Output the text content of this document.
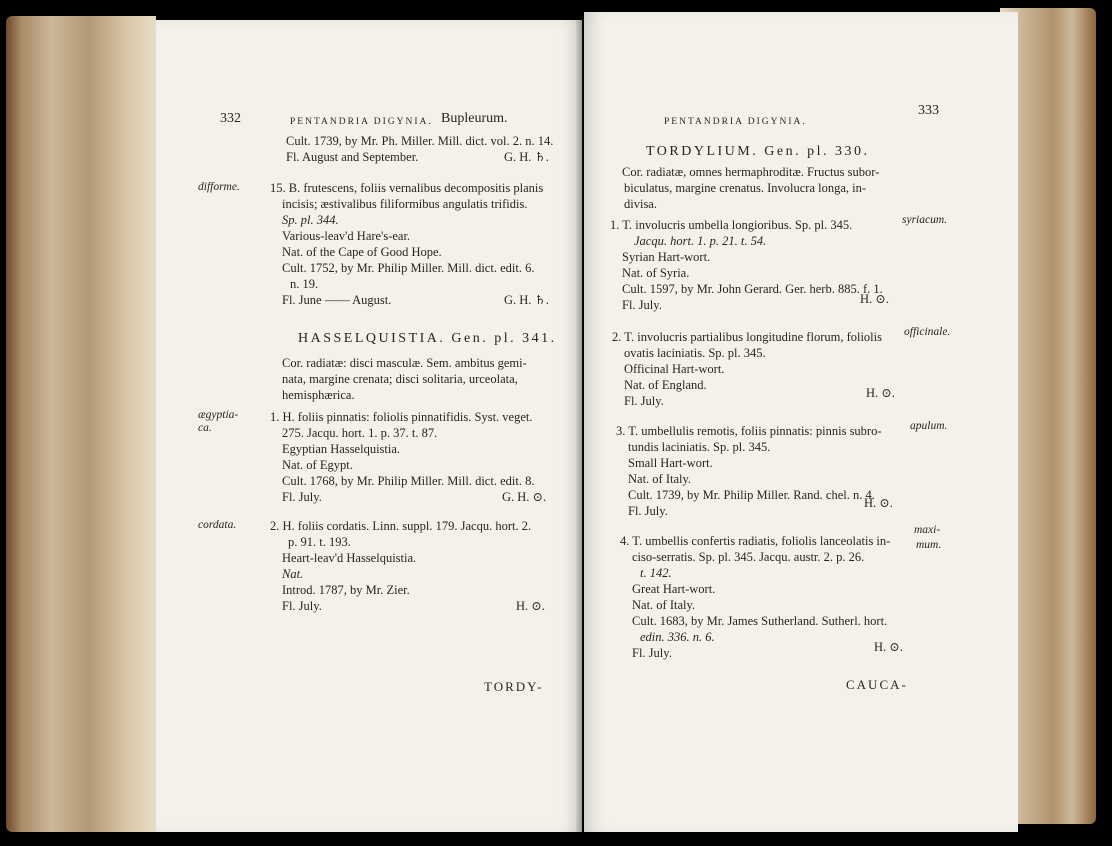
332	PENTANDRIA DIGYNIA. Bupleurum.
Cult. 1739, by Mr. Ph. Miller. Mill. dict. vol. 2. n. 14.
Fl. August and September.	G. H. ♄.
difforme. 15. B. frutescens, foliis vernalibus decompositis planis
incisis; æstivalibus filiformibus angulatis trifidis.
Sp. pl. 344.
Various-leav'd Hare's-ear.
Nat. of the Cape of Good Hope.
Cult. 1752, by Mr. Philip Miller. Mill. dict. edit. 6.
n. 19.
Fl. June —— August.	G. H. ♄.
HASSELQUISTIA. Gen. pl. 341.
Cor. radiatæ: disci masculæ. Sem. ambitus gemi-
nata, margine crenata; disci solitaria, urceolata,
hemisphærica.
ægyptia-
ca.
1. H. foliis pinnatis: foliolis pinnatifidis. Syst. veget.
275. Jacqu. hort. 1. p. 37. t. 87.
Egyptian Hasselquistia.
Nat. of Egypt.
Cult. 1768, by Mr. Philip Miller. Mill. dict. edit. 8.
Fl. July.	G. H. ⊙.
cordata.	2. H. foliis cordatis. Linn. suppl. 179. Jacqu. hort. 2.
p. 91. t. 193.
Heart-leav'd Hasselquistia.
Nat.
Introd. 1787, by Mr. Zier.
Fl. July.	H. ⊙.
TORDY-
PENTANDRIA DIGYNIA.
333
TORDYLIUM. Gen. pl. 330.
Cor. radiatæ, omnes hermaphroditæ. Fructus subor-
biculatus, margine crenatus. Involucra longa, in-
divisa.
1. T. involucris umbella longioribus. Sp. pl. 345.	syriacum.
Jacqu. hort. 1. p. 21. t. 54.
Syrian Hart-wort.
Nat. of Syria.
Cult. 1597, by Mr. John Gerard. Ger. herb. 885. f. 1.
Fl. July.	H. ⊙.
2. T. involucris partialibus longitudine florum, foliolis officinale.
ovatis laciniatis. Sp. pl. 345.
Officinal Hart-wort.
Nat. of England.
Fl. July.
H. ⊙.
3. T. umbellulis remotis, foliis pinnatis: pinnis subro- apulum.
tundis laciniatis. Sp. pl. 345.
Small Hart-wort.
Nat. of Italy.
Cult. 1739, by Mr. Philip Miller. Rand. chel. n. 4.
Fl. July.
H. ⊙.
4. T. umbellis confertis radiatis, foliolis lanceolatis in-
maxi-
mum.
ciso-serratis. Sp. pl. 345. Jacqu. austr. 2. p. 26.
t. 142.
Great Hart-wort.
Nat. of Italy.
Cult. 1683, by Mr. James Sutherland. Sutherl. hort.
edin. 336. n. 6.
Fl. July.	H. ⊙.
CAUCA-
